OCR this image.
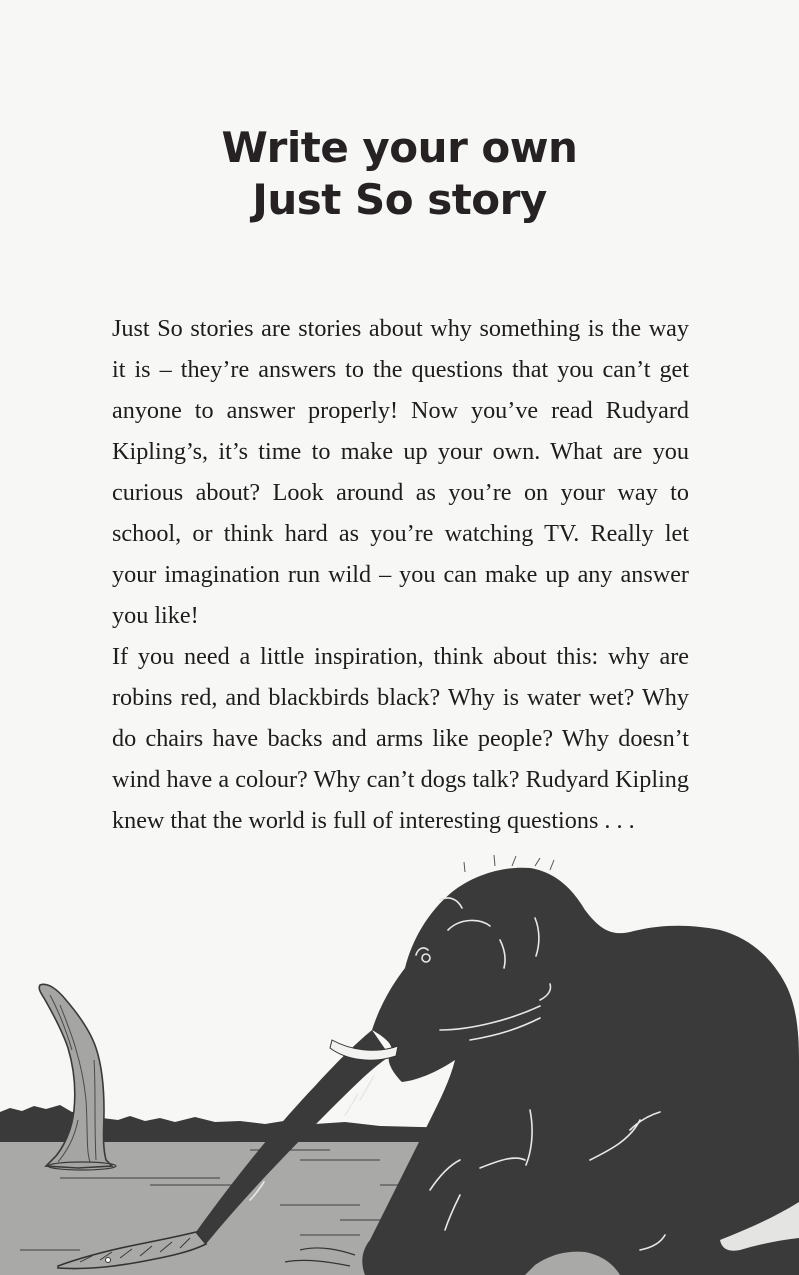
Write your own
Just So story

Just So stories are stories about why something is the way it is – they’re answers to the questions that you can’t get anyone to answer properly! Now you’ve read Rudyard Kipling’s, it’s time to make up your own. What are you curious about? Look around as you’re on your way to school, or think hard as you’re watching TV. Really let your imagination run wild – you can make up any answer you like!

If you need a little inspiration, think about this: why are robins red, and blackbirds black? Why is water wet? Why do chairs have backs and arms like people? Why doesn’t wind have a colour? Why can’t dogs talk? Rudyard Kipling knew that the world is full of interesting questions . . .
